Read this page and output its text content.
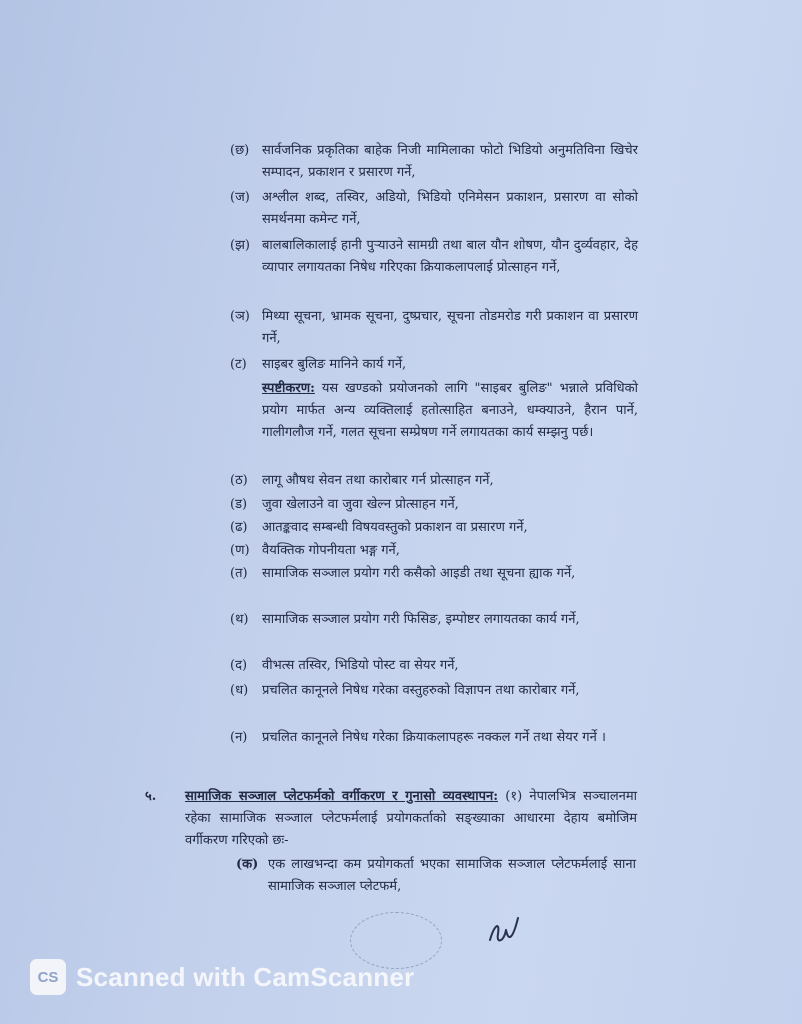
(छ) सार्वजनिक प्रकृतिका बाहेक निजी मामिलाका फोटो भिडियो अनुमतिविना खिचेर सम्पादन, प्रकाशन र प्रसारण गर्ने,
(ज) अश्लील शब्द, तस्विर, अडियो, भिडियो एनिमेसन प्रकाशन, प्रसारण वा सोको समर्थनमा कमेन्ट गर्ने,
(झ) बालबालिकालाई हानी पुऱ्याउने सामग्री तथा बाल यौन शोषण, यौन दुर्व्यवहार, देह व्यापार लगायतका निषेध गरिएका क्रियाकलापलाई प्रोत्साहन गर्ने,
(ञ) मिथ्या सूचना, भ्रामक सूचना, दुष्प्रचार, सूचना तोडमरोड गरी प्रकाशन वा प्रसारण गर्ने,
(ट) साइबर बुलिङ मानिने कार्य गर्ने,
स्पष्टीकरण: यस खण्डको प्रयोजनको लागि "साइबर बुलिङ" भन्नाले प्रविधिको प्रयोग मार्फत अन्य व्यक्तिलाई हतोत्साहित बनाउने, धम्क्याउने, हैरान पार्ने, गालीगलौज गर्ने, गलत सूचना सम्प्रेषण गर्ने लगायतका कार्य सम्झनु पर्छ।
(ठ) लागू औषध सेवन तथा कारोबार गर्न प्रोत्साहन गर्ने,
(ड) जुवा खेलाउने वा जुवा खेल्न प्रोत्साहन गर्ने,
(ढ) आतङ्कवाद सम्बन्धी विषयवस्तुको प्रकाशन वा प्रसारण गर्ने,
(ण) वैयक्तिक गोपनीयता भङ्ग गर्ने,
(त) सामाजिक सञ्जाल प्रयोग गरी कसैको आइडी तथा सूचना ह्याक गर्ने,
(थ) सामाजिक सञ्जाल प्रयोग गरी फिसिङ, इम्पोष्टर लगायतका कार्य गर्ने,
(द) वीभत्स तस्विर, भिडियो पोस्ट वा सेयर गर्ने,
(ध) प्रचलित कानूनले निषेध गरेका वस्तुहरुको विज्ञापन तथा कारोबार गर्ने,
(न) प्रचलित कानूनले निषेध गरेका क्रियाकलापहरू नक्कल गर्ने तथा सेयर गर्ने ।
५. सामाजिक सञ्जाल प्लेटफर्मको वर्गीकरण र गुनासो व्यवस्थापन: (१) नेपालभित्र सञ्चालनमा रहेका सामाजिक सञ्जाल प्लेटफर्मलाई प्रयोगकर्ताको सङ्ख्याका आधारमा देहाय बमोजिम वर्गीकरण गरिएको छः-
(क) एक लाखभन्दा कम प्रयोगकर्ता भएका सामाजिक सञ्जाल प्लेटफर्मलाई साना सामाजिक सञ्जाल प्लेटफर्म,
CS Scanned with CamScanner
